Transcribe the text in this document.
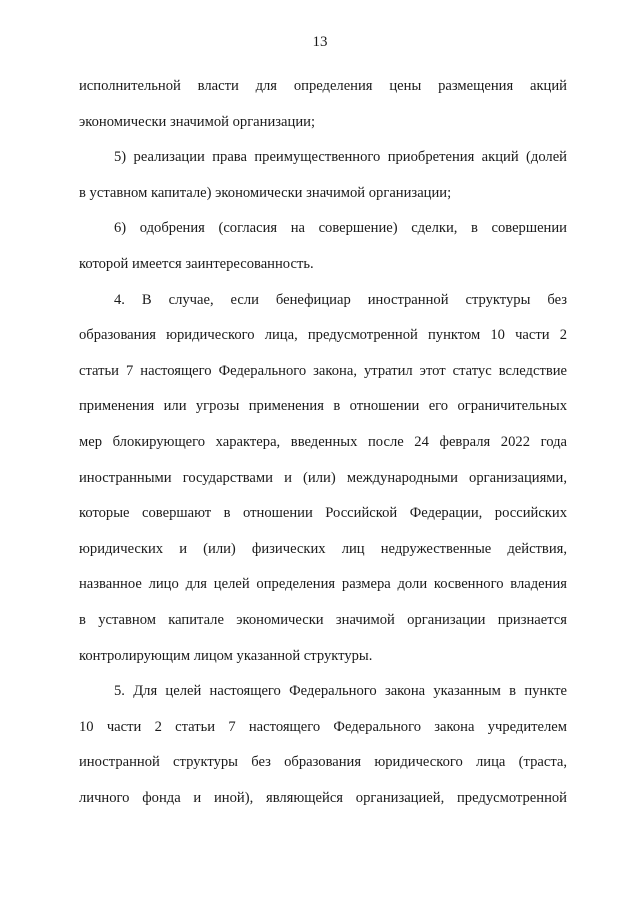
13
исполнительной власти для определения цены размещения акций
экономически значимой организации;
5) реализации права преимущественного приобретения акций (долей
в уставном капитале) экономически значимой организации;
6) одобрения (согласия на совершение) сделки, в совершении
которой имеется заинтересованность.
4. В случае, если бенефициар иностранной структуры без
образования юридического лица, предусмотренной пунктом 10 части 2
статьи 7 настоящего Федерального закона, утратил этот статус вследствие
применения или угрозы применения в отношении его ограничительных
мер блокирующего характера, введенных после 24 февраля 2022 года
иностранными государствами и (или) международными организациями,
которые совершают в отношении Российской Федерации, российских
юридических и (или) физических лиц недружественные действия,
названное лицо для целей определения размера доли косвенного владения
в уставном капитале экономически значимой организации признается
контролирующим лицом указанной структуры.
5. Для целей настоящего Федерального закона указанным в пункте
10 части 2 статьи 7 настоящего Федерального закона учредителем
иностранной структуры без образования юридического лица (траста,
личного фонда и иной), являющейся организацией, предусмотренной
